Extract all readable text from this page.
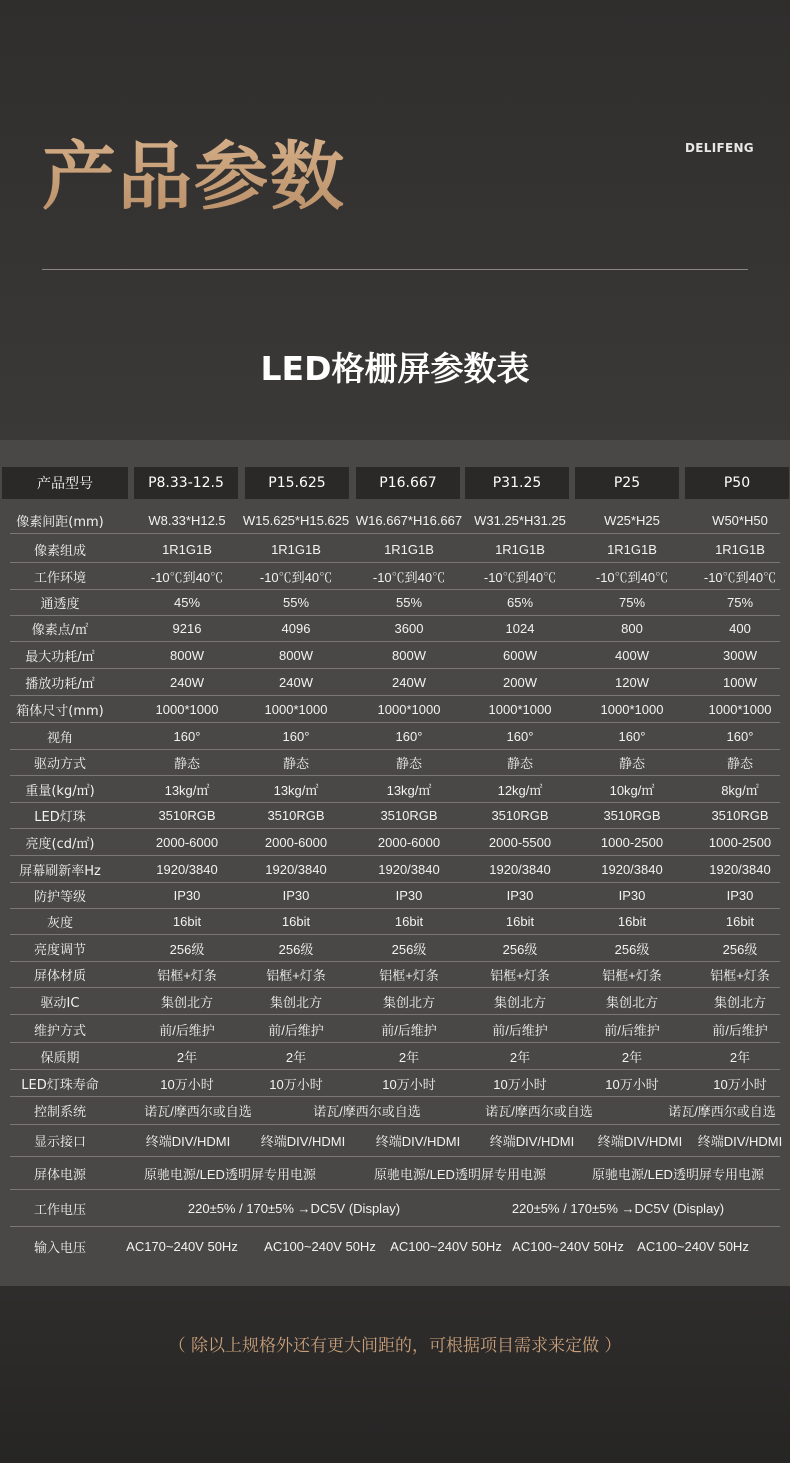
产品参数	DELIFENG
LED格栅屏参数表
产品型号	P8.33-12.5	P15.625	P16.667	P31.25	P25	P50
像素间距(mm)	W8.33*H12.5	W15.625*H15.625 W16.667*H16.667 W31.25*H31.25	W25*H25	W50*H50
像素组成	1R1G1B	1R1G1B	1R1G1B	1R1G1B	1R1G1B	1R1G1B
工作环境	-10℃到40℃	-10℃到40℃	-10℃到40℃	-10℃到40℃	-10℃到40℃	-10℃到40℃
通透度	45%	55%	55%	65%	75%	75%
像素点/㎡	9216	4096	3600	1024	800	400
最大功耗/㎡	800W	800W	800W	600W	400W	300W
播放功耗/㎡	240W	240W	240W	200W	120W	100W
箱体尺寸(mm)	1000*1000	1000*1000	1000*1000	1000*1000	1000*1000	1000*1000
视角	160°	160°	160°	160°	160°	160°
驱动方式	静态	静态	静态	静态	静态	静态
重量(kg/㎡)	13kg/㎡	13kg/㎡	13kg/㎡	12kg/㎡	10kg/㎡	8kg/㎡
LED灯珠	3510RGB	3510RGB	3510RGB	3510RGB	3510RGB	3510RGB
亮度(cd/㎡)	2000-6000	2000-6000	2000-6000	2000-5500	1000-2500	1000-2500
屏幕刷新率Hz	1920/3840	1920/3840	1920/3840	1920/3840	1920/3840	1920/3840
防护等级	IP30	IP30	IP30	IP30	IP30	IP30
灰度	16bit	16bit	16bit	16bit	16bit	16bit
亮度调节	256级	256级	256级	256级	256级	256级
屏体材质	铝框+灯条	铝框+灯条	铝框+灯条	铝框+灯条	铝框+灯条	铝框+灯条
驱动IC	集创北方	集创北方	集创北方	集创北方	集创北方	集创北方
维护方式	前/后维护	前/后维护	前/后维护	前/后维护	前/后维护	前/后维护
保质期	2年	2年	2年	2年	2年	2年
LED灯珠寿命	10万小时	10万小时	10万小时	10万小时	10万小时	10万小时
控制系统	诺瓦/摩西尔或自选	诺瓦/摩西尔或自选	诺瓦/摩西尔或自选	诺瓦/摩西尔或自选
显示接口	终端DIV/HDMI	终端DIV/HDMI	终端DIV/HDMI	终端DIV/HDMI	终端DIV/HDMI	终端DIV/HDMI
屏体电源	原驰电源/LED透明屏专用电源	原驰电源/LED透明屏专用电源	原驰电源/LED透明屏专用电源
工作电压	220±5% / 170±5% →DC5V (Display)	220±5% / 170±5% →DC5V (Display)
输入电压	AC170~240V 50Hz	AC100~240V 50Hz	AC100~240V 50Hz AC100~240V 50Hz	AC100~240V 50Hz
（ 除以上规格外还有更大间距的，可根据项目需求来定做 ）
